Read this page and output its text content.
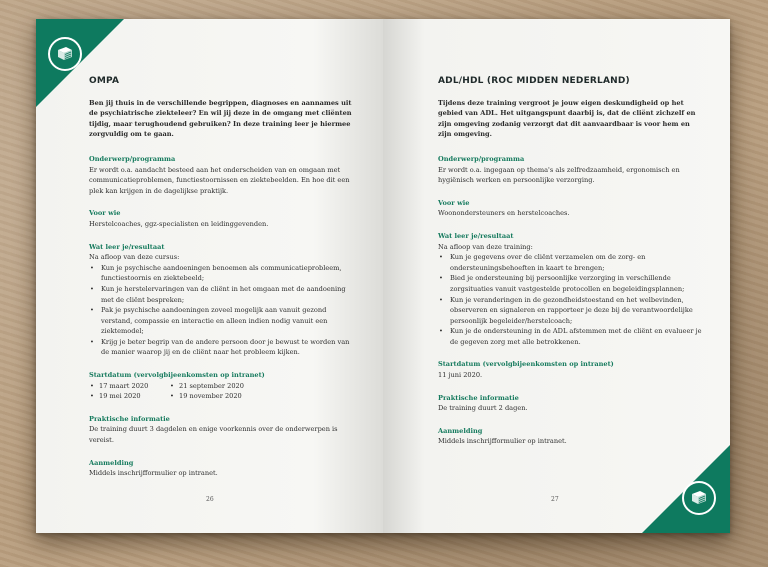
OMPA

Ben jij thuis in de verschillende begrippen, diagnoses en aannames uit de psychiatrische ziekteleer? En wil jij deze in de omgang met cliënten tijdig, maar terughoudend gebruiken? In deze training leer je hiermee zorgvuldig om te gaan.

Onderwerp/programma

Er wordt o.a. aandacht besteed aan het onderscheiden van en omgaan met communicatieproblemen, functiestoornissen en ziektebeelden. En hoe dit een plek kan krijgen in de dagelijkse praktijk.

Voor wie

Herstelcoaches, ggz-specialisten en leidinggevenden.

Wat leer je/resultaat

Na afloop van deze cursus:

• Kun je psychische aandoeningen benoemen als communicatieprobleem, functiestoornis en ziektebeeld;
• Kun je herstelervaringen van de cliënt in het omgaan met de aandoening met de cliënt bespreken;
• Pak je psychische aandoeningen zoveel mogelijk aan vanuit gezond verstand, compassie en interactie en alleen indien nodig vanuit een ziektemodel;
• Krijg je beter begrip van de andere persoon door je bewust te worden van de manier waarop jij en de cliënt naar het probleem kijken.

Startdatum (vervolgbijeenkomsten op intranet)

• 17 maart 2020	• 21 september 2020
• 19 mei 2020	• 19 november 2020

Praktische informatie

De training duurt 3 dagdelen en enige voorkennis over de onderwerpen is vereist.

Aanmelding

Middels inschrijfformulier op intranet.

26
ADL/HDL (ROC MIDDEN NEDERLAND)

Tijdens deze training vergroot je jouw eigen deskundigheid op het gebied van ADL. Het uitgangspunt daarbij is, dat de cliënt zichzelf en zijn omgeving zodanig verzorgt dat dit aanvaardbaar is voor hem en zijn omgeving.

Onderwerp/programma

Er wordt o.a. ingegaan op thema's als zelfredzaamheid, ergonomisch en hygiënisch werken en persoonlijke verzorging.

Voor wie

Woonondersteuners en herstelcoaches.

Wat leer je/resultaat

Na afloop van deze training:

• Kun je gegevens over de cliënt verzamelen om de zorg- en ondersteuningsbehoeften in kaart te brengen;
• Bied je ondersteuning bij persoonlijke verzorging in verschillende zorgsituaties vanuit vastgestelde protocollen en begeleidingsplannen;
• Kun je veranderingen in de gezondheidstoestand en het welbevinden, observeren en signaleren en rapporteer je deze bij de verantwoordelijke persoonlijk begeleider/herstelcoach;
• Kun je de ondersteuning in de ADL afstemmen met de cliënt en evalueer je de gegeven zorg met alle betrokkenen.

Startdatum (vervolgbijeenkomsten op intranet)

11 juni 2020.

Praktische informatie

De training duurt 2 dagen.

Aanmelding

Middels inschrijfformulier op intranet.

27
